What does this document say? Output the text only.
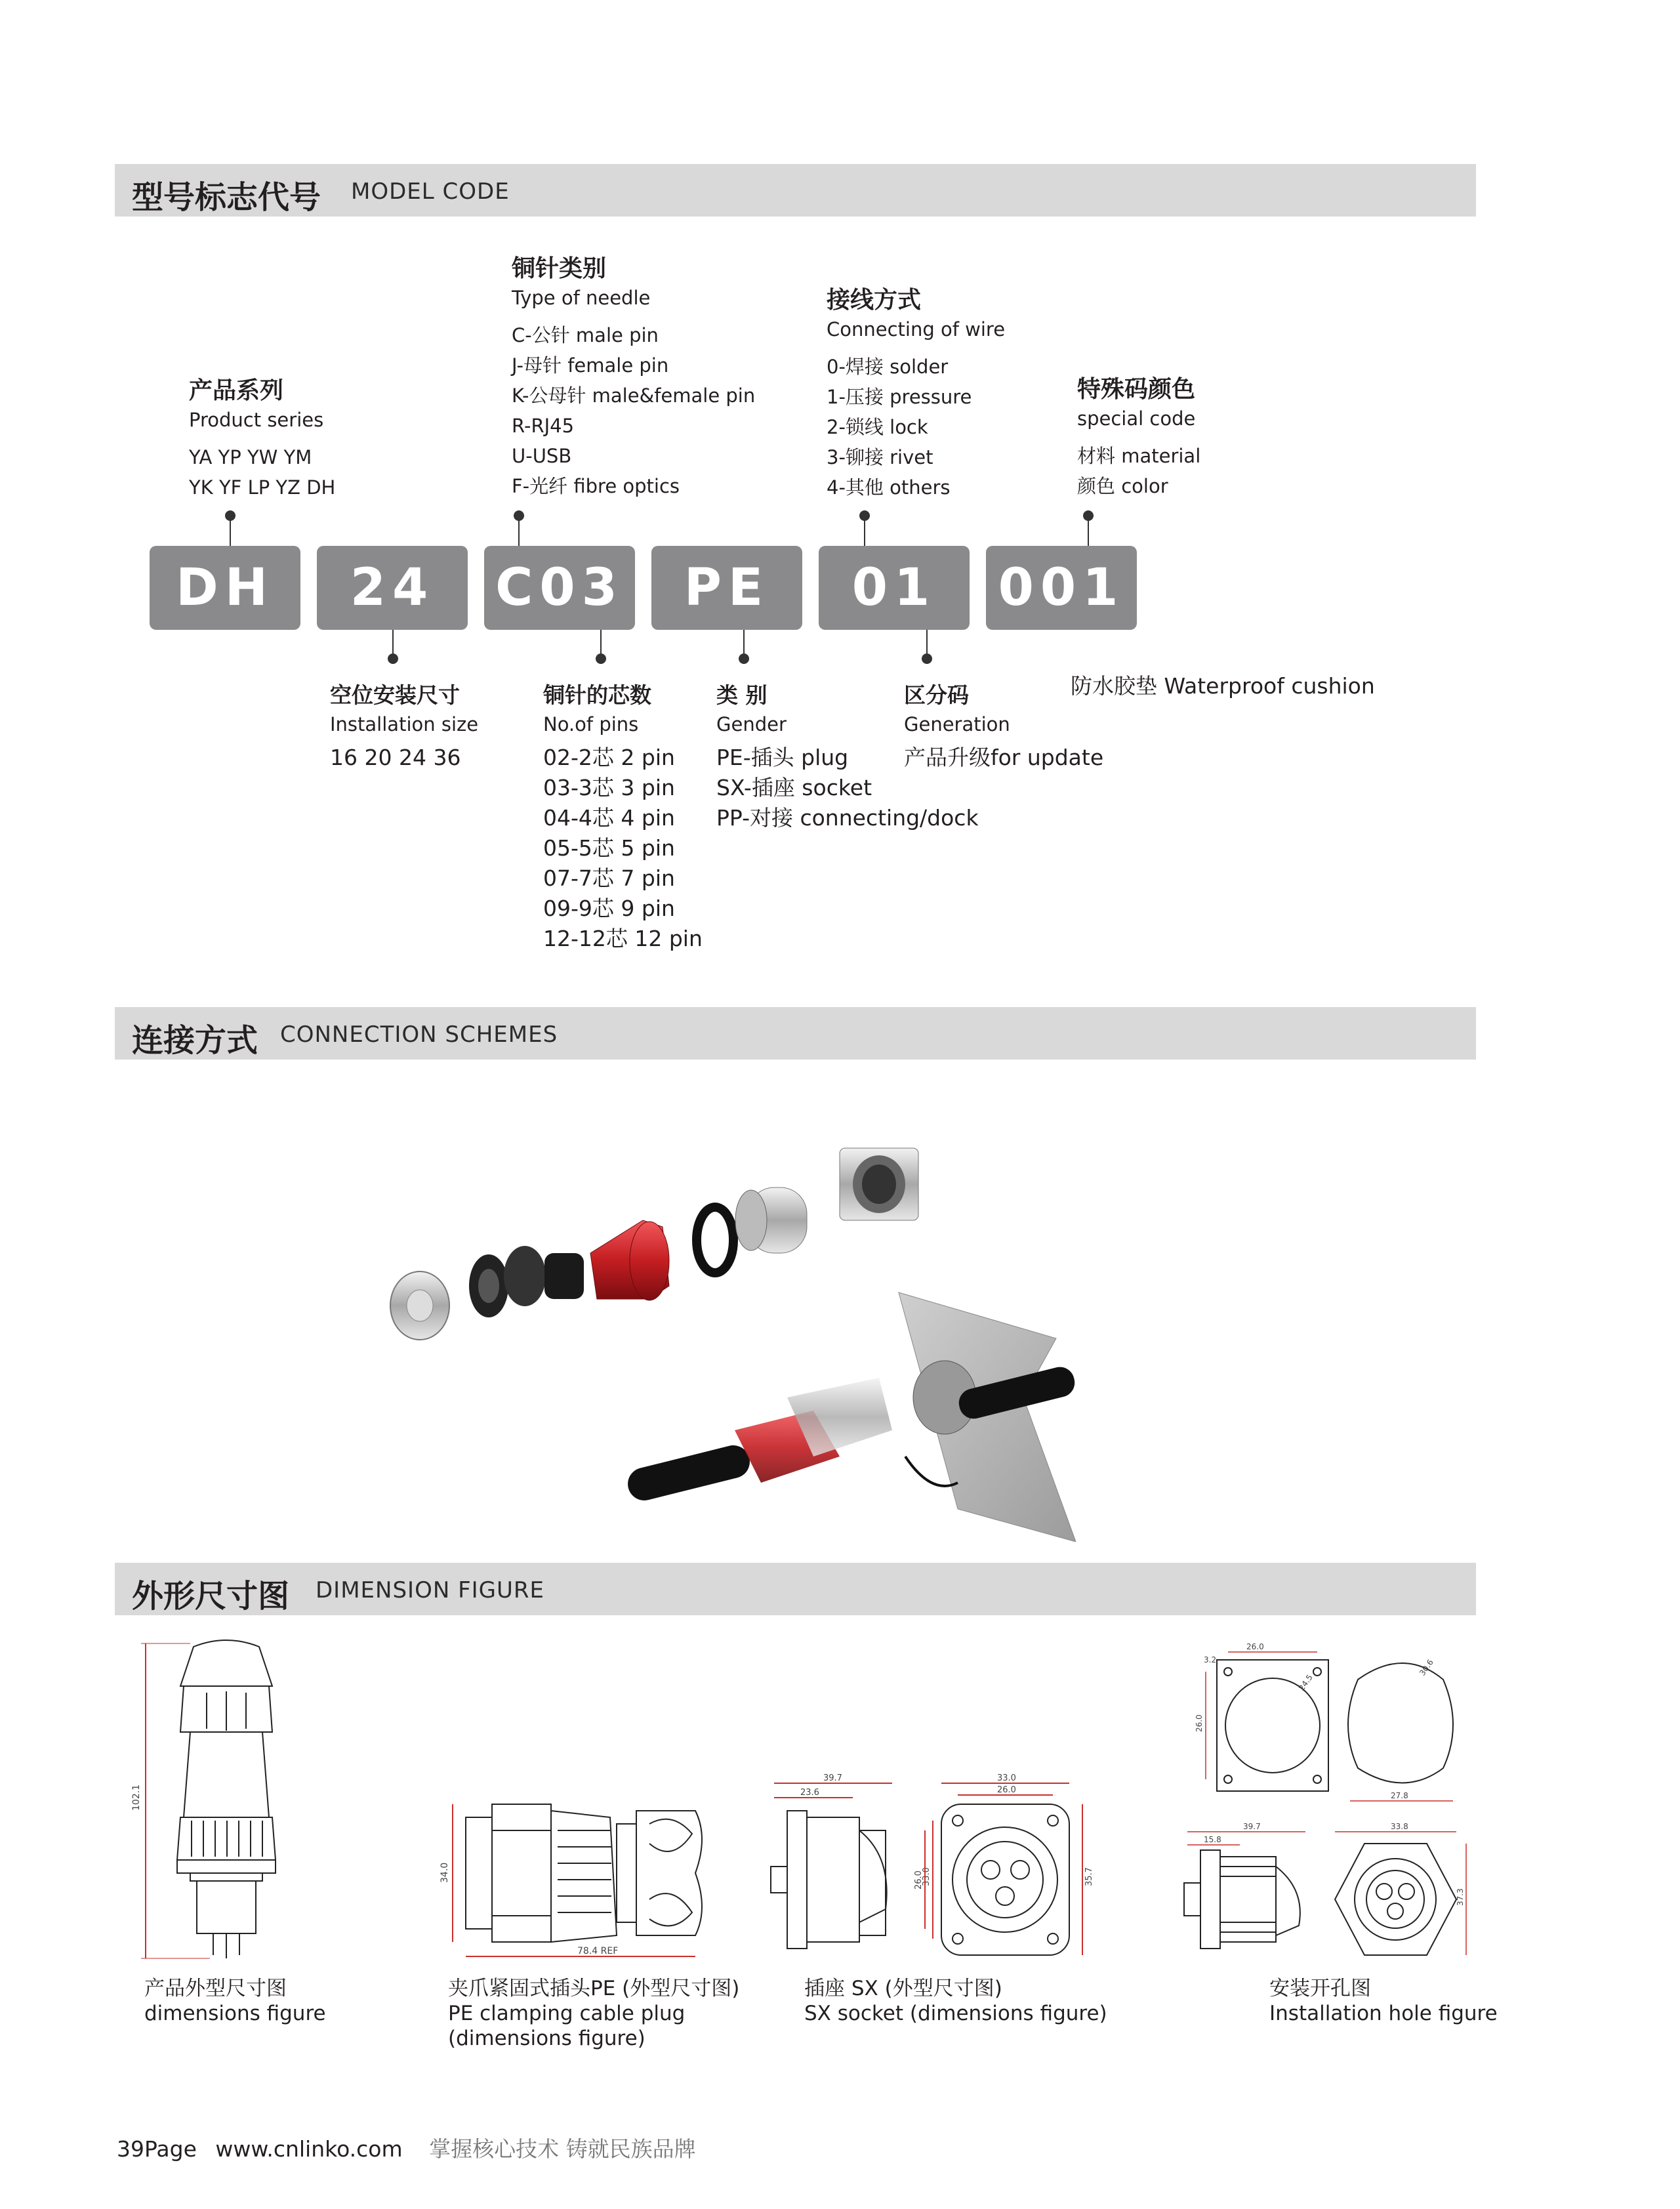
型号标志代号 MODEL CODE
产品系列
Product series
YA YP YW YM
YK YF LP YZ DH
铜针类别
Type of needle
C-公针 male pin
J-母针 female pin
K-公母针 male&female pin
R-RJ45
U-USB
F-光纤 fibre optics
接线方式
Connecting of wire
0-焊接 solder
1-压接 pressure
2-锁线 lock
3-铆接 rivet
4-其他 others
特殊码颜色
special code
材料 material
颜色 color
DH	24	C03	PE	01	001
空位安装尺寸
Installation size
16 20 24 36
铜针的芯数
No.of pins
02-2芯 2 pin
03-3芯 3 pin
04-4芯 4 pin
05-5芯 5 pin
07-7芯 7 pin
09-9芯 9 pin
12-12芯 12 pin
类 别
Gender
PE-插头 plug
SX-插座 socket
PP-对接 connecting/dock
区分码
Generation
产品升级for update
防水胶垫 Waterproof cushion
连接方式 CONNECTION SCHEMES
外形尺寸图 DIMENSION FIGURE
102.1
34.0
78.4 REF
39.7
23.6
33.0
26.0
33.0
26.0	35.7
26.0
3.2
26.0
24.5
30.6
27.8
39.7
15.8
33.8
37.3
产品外型尺寸图
dimensions figure
夹爪紧固式插头PE (外型尺寸图)
PE clamping cable plug
(dimensions figure)
插座 SX (外型尺寸图)
SX socket (dimensions figure)
安装开孔图
Installation hole figure
39Page www.cnlinko.com 掌握核心技术 铸就民族品牌
